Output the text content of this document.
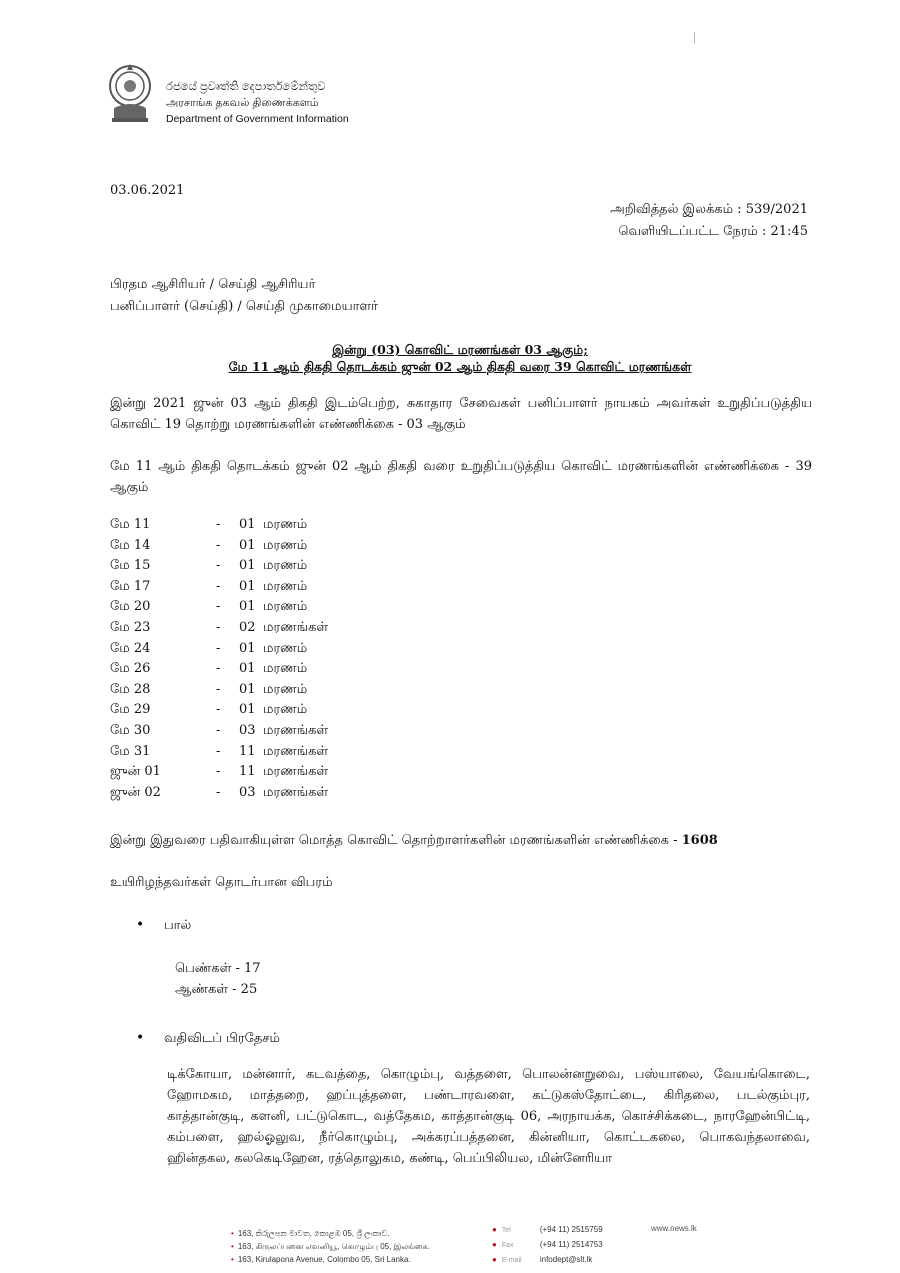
රජයේ ප්‍රවෘත්ති දෙපාර්තමේන්තුව
அரசாங்க தகவல் திணைக்களம்
Department of Government Information
03.06.2021
அறிவித்தல் இலக்கம் : 539/2021
வெளியிடப்பட்ட நேரம் : 21:45
பிரதம ஆசிரியர் / செய்தி ஆசிரியர்
பனிப்பாளர் (செய்தி) / செய்தி முகாமையாளர்
இன்று (03) கொவிட் மரணங்கள் 03 ஆகும்;
மே 11 ஆம் திகதி தொடக்கம் ஜுன் 02 ஆம் திகதி வரை 39 கொவிட் மரணங்கள்
இன்று 2021 ஜுன் 03 ஆம் திகதி இடம்பெற்ற, சுகாதார சேவைகள் பனிப்பாளர் நாயகம் அவர்கள் உறுதிப்படுத்திய கொவிட் 19 தொற்று மரணங்களின் எண்ணிக்கை - 03 ஆகும்
மே 11 ஆம் திகதி தொடக்கம் ஜுன் 02 ஆம் திகதி வரை உறுதிப்படுத்திய கொவிட் மரணங்களின் எண்ணிக்கை - 39 ஆகும்
மே 11	- 01 மரணம்
மே 14	- 01 மரணம்
மே 15	- 01 மரணம்
மே 17	- 01 மரணம்
மே 20	- 01 மரணம்
மே 23	- 02 மரணங்கள்
மே 24	- 01 மரணம்
மே 26	- 01 மரணம்
மே 28	- 01 மரணம்
மே 29	- 01 மரணம்
மே 30	- 03 மரணங்கள்
மே 31	- 11 மரணங்கள்
ஜுன் 01	- 11 மரணங்கள்
ஜுன் 02	- 03 மரணங்கள்
இன்று இதுவரை பதிவாகியுள்ள மொத்த கொவிட் தொற்றாளர்களின் மரணங்களின் எண்ணிக்கை - 1608
உயிரிழந்தவர்கள் தொடர்பான விபரம்
• பால்
பெண்கள் - 17
ஆண்கள் - 25
• வதிவிடப் பிரதேசம்
டிக்கோயா, மன்னார், கடவத்தை, கொழும்பு, வத்தளை, பொலன்னறுவை, பஸ்யாலை, வேயங்கொடை, ஹோமகம, மாத்தறை, ஹப்புத்தளை, பண்டாரவளை, கட்டுகஸ்தோட்டை, கிரிதலை, படல்கும்புர, காத்தான்குடி, களனி, பட்டுகொட, வத்தேகம, காத்தான்குடி 06, அரநாயக்க, கொச்சிக்கடை, நாரஹேன்பிட்டி, கம்பளை, ஹல்ஓலுவ, நீர்கொழும்பு, அக்கரப்பத்தனை, கின்னியா, கொட்டகலை, பொகவந்தலாவை, ஹின்தகல, கலகெடிஹேன, ரத்தொலுகம, கண்டி, பெப்பிலியல, மின்னேரியா
• 163, කිරුලපන මාවත, කොළඹ 05, ශ්‍රී ලංකාව.
• 163, கிருலப்பனை எவனியூ, கொழும்பு 05, இலங்கை.
• 163, Kirulapona Avenue, Colombo 05, Sri Lanka.
● Tel	(+94 11) 2515759
● Fax	(+94 11) 2514753
● E-mail infodept@slt.lk
www.news.lk
